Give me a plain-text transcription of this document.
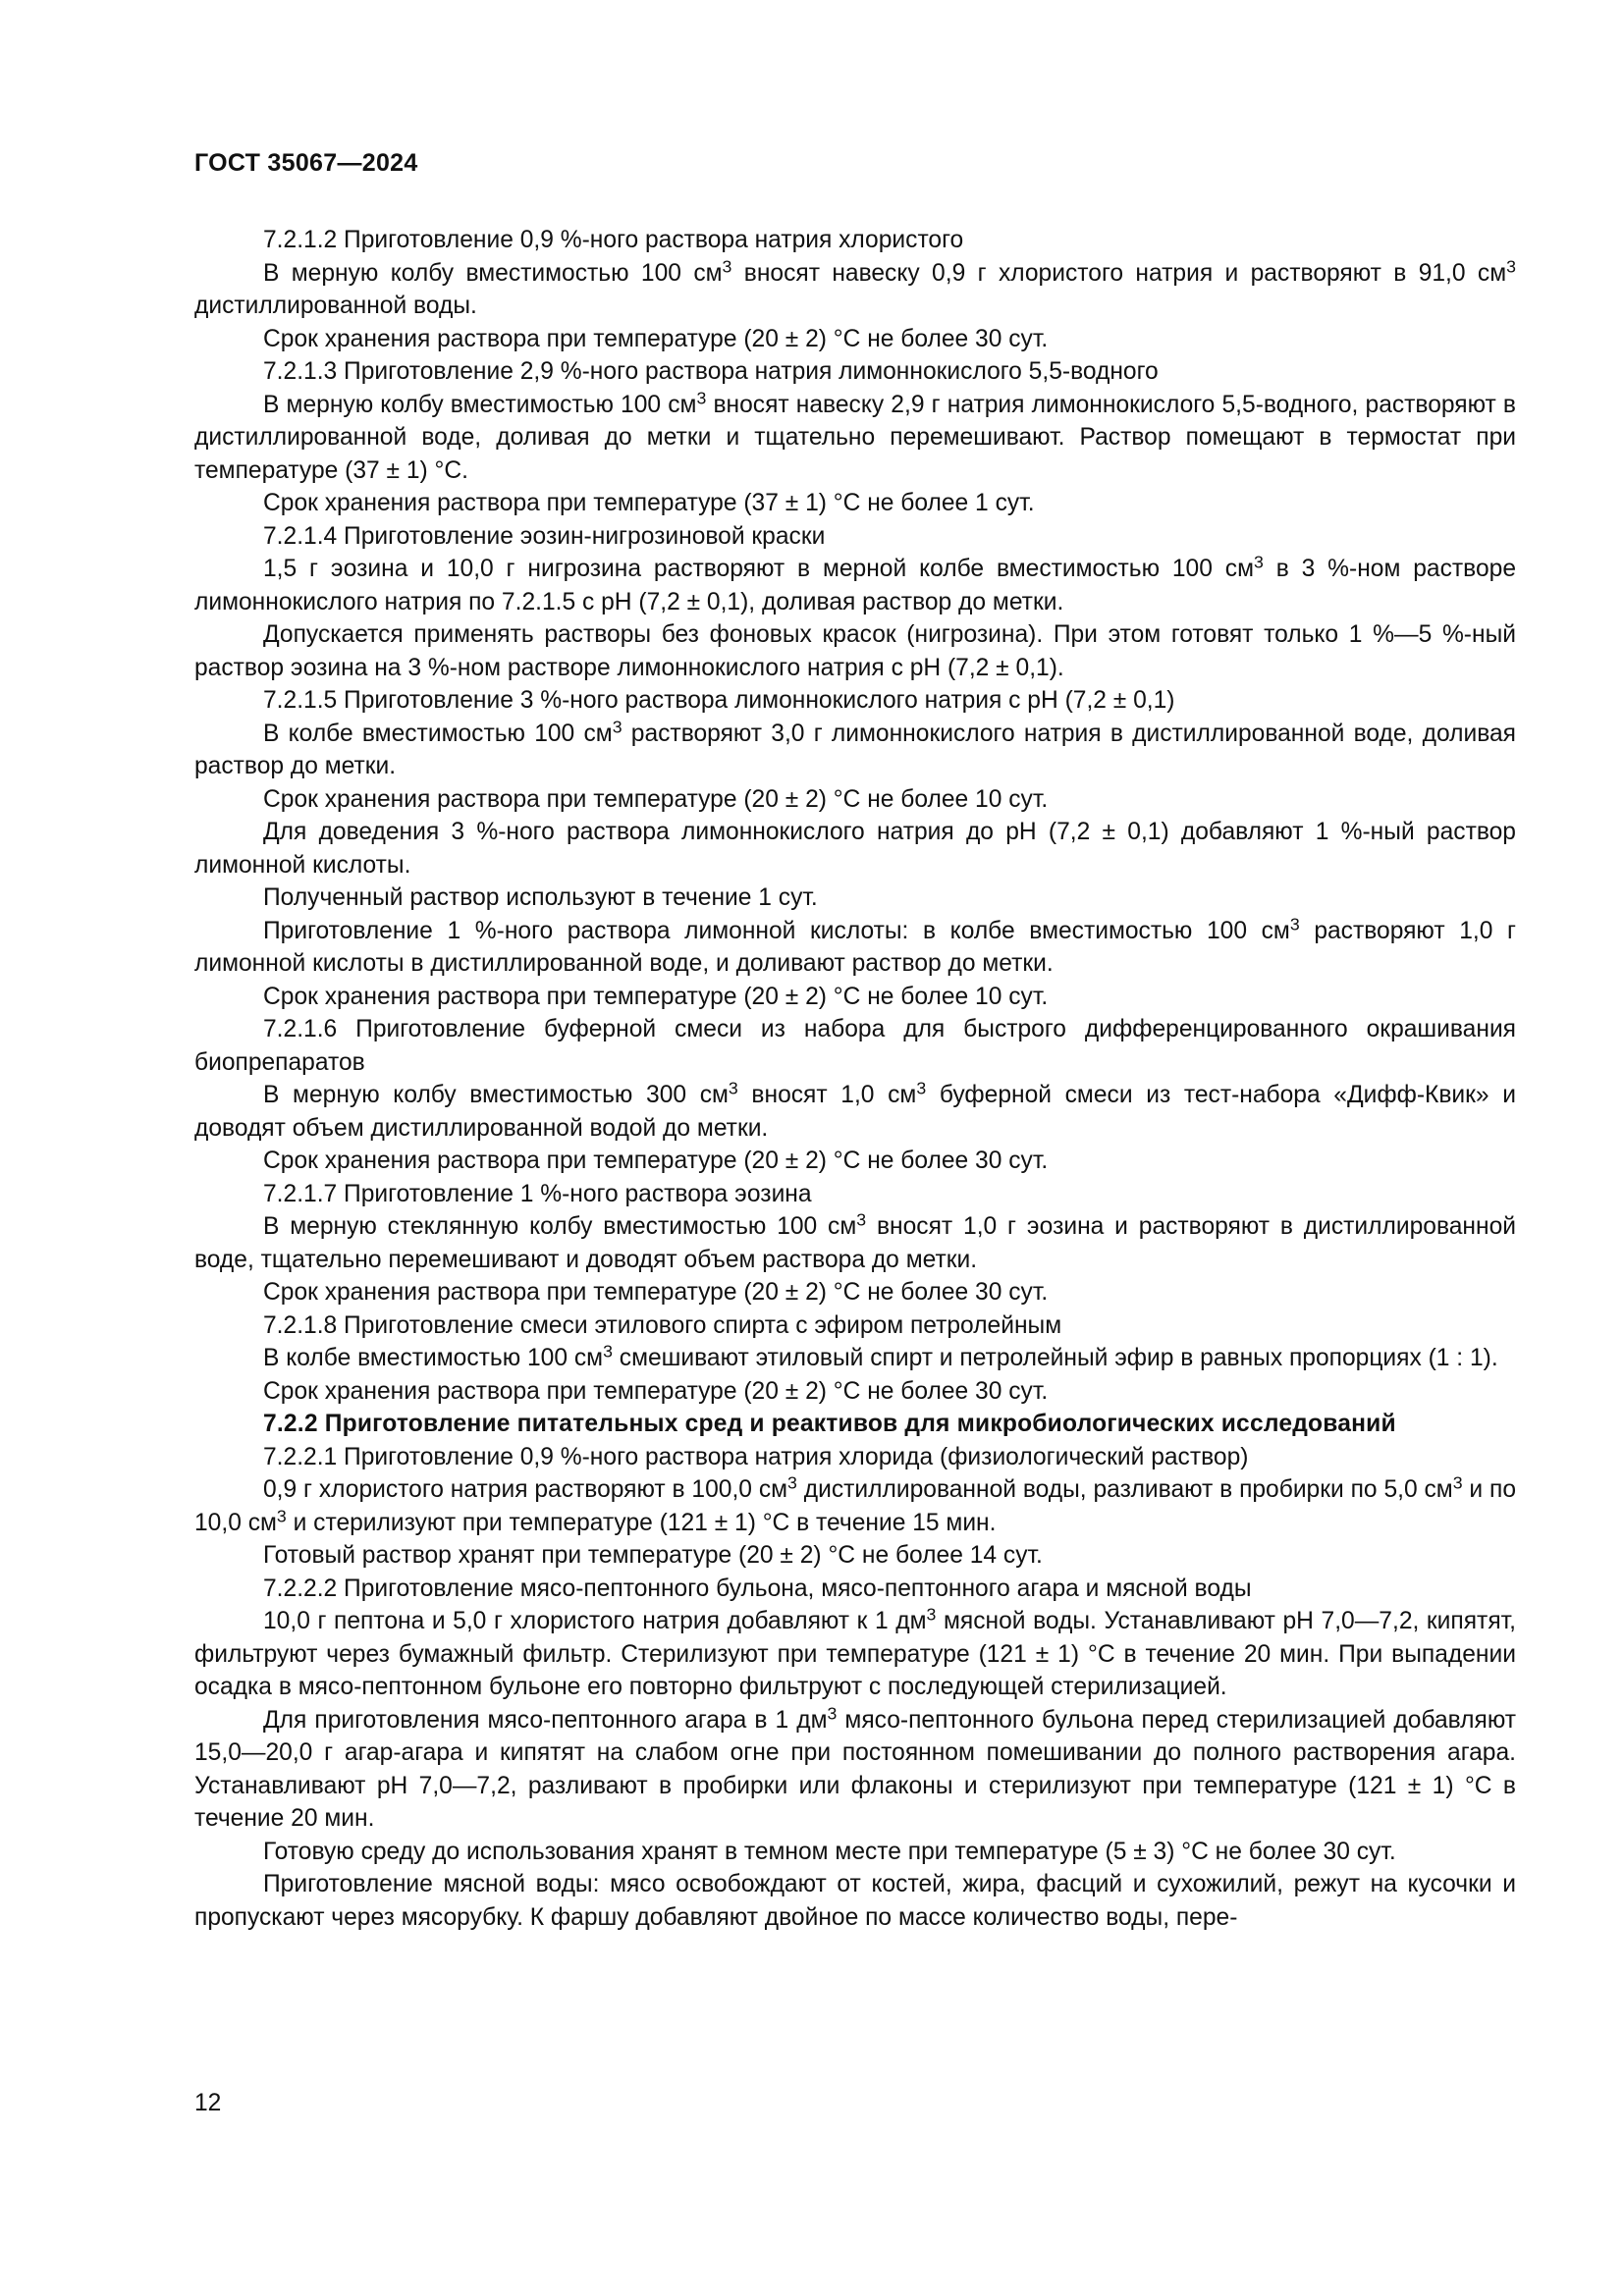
ГОСТ 35067—2024

7.2.1.2 Приготовление 0,9 %-ного раствора натрия хлористого

В мерную колбу вместимостью 100 $см^3$ вносят навеску 0,9 г хлористого натрия и растворяют в 91,0 $см^3$ дистиллированной воды.

Срок хранения раствора при температуре (20 ± 2) °С не более 30 сут.

7.2.1.3 Приготовление 2,9 %-ного раствора натрия лимоннокислого 5,5-водного

В мерную колбу вместимостью 100 $см^3$ вносят навеску 2,9 г натрия лимоннокислого 5,5-водного, растворяют в дистиллированной воде, доливая до метки и тщательно перемешивают. Раствор помещают в термостат при температуре (37 ± 1) °С.

Срок хранения раствора при температуре (37 ± 1) °С не более 1 сут.

7.2.1.4 Приготовление эозин-нигрозиновой краски

1,5 г эозина и 10,0 г нигрозина растворяют в мерной колбе вместимостью 100 $см^3$ в 3 %-ном растворе лимоннокислого натрия по 7.2.1.5 с рН (7,2 ± 0,1), доливая раствор до метки.

Допускается применять растворы без фоновых красок (нигрозина). При этом готовят только 1 %—5 %-ный раствор эозина на 3 %-ном растворе лимоннокислого натрия с рН (7,2 ± 0,1).

7.2.1.5 Приготовление 3 %-ного раствора лимоннокислого натрия с рН (7,2 ± 0,1)

В колбе вместимостью 100 $см^3$ растворяют 3,0 г лимоннокислого натрия в дистиллированной воде, доливая раствор до метки.

Срок хранения раствора при температуре (20 ± 2) °С не более 10 сут.

Для доведения 3 %-ного раствора лимоннокислого натрия до рН (7,2 ± 0,1) добавляют 1 %-ный раствор лимонной кислоты.

Полученный раствор используют в течение 1 сут.

Приготовление 1 %-ного раствора лимонной кислоты: в колбе вместимостью 100 $см^3$ растворяют 1,0 г лимонной кислоты в дистиллированной воде, и доливают раствор до метки.

Срок хранения раствора при температуре (20 ± 2) °С не более 10 сут.

7.2.1.6 Приготовление буферной смеси из набора для быстрого дифференцированного окрашивания биопрепаратов

В мерную колбу вместимостью 300 $см^3$ вносят 1,0 $см^3$ буферной смеси из тест-набора «Дифф-Квик» и доводят объем дистиллированной водой до метки.

Срок хранения раствора при температуре (20 ± 2) °С не более 30 сут.

7.2.1.7 Приготовление 1 %-ного раствора эозина

В мерную стеклянную колбу вместимостью 100 $см^3$ вносят 1,0 г эозина и растворяют в дистиллированной воде, тщательно перемешивают и доводят объем раствора до метки.

Срок хранения раствора при температуре (20 ± 2) °С не более 30 сут.

7.2.1.8 Приготовление смеси этилового спирта с эфиром петролейным

В колбе вместимостью 100 $см^3$ смешивают этиловый спирт и петролейный эфир в равных пропорциях (1 : 1).

Срок хранения раствора при температуре (20 ± 2) °С не более 30 сут.

7.2.2 Приготовление питательных сред и реактивов для микробиологических исследований

7.2.2.1 Приготовление 0,9 %-ного раствора натрия хлорида (физиологический раствор)

0,9 г хлористого натрия растворяют в 100,0 $см^3$ дистиллированной воды, разливают в пробирки по 5,0 $см^3$ и по 10,0 $см^3$ и стерилизуют при температуре (121 ± 1) °С в течение 15 мин.

Готовый раствор хранят при температуре (20 ± 2) °С не более 14 сут.

7.2.2.2 Приготовление мясо-пептонного бульона, мясо-пептонного агара и мясной воды

10,0 г пептона и 5,0 г хлористого натрия добавляют к 1 $дм^3$ мясной воды. Устанавливают рН 7,0—7,2, кипятят, фильтруют через бумажный фильтр. Стерилизуют при температуре (121 ± 1) °С в течение 20 мин. При выпадении осадка в мясо-пептонном бульоне его повторно фильтруют с последующей стерилизацией.

Для приготовления мясо-пептонного агара в 1 $дм^3$ мясо-пептонного бульона перед стерилизацией добавляют 15,0—20,0 г агар-агара и кипятят на слабом огне при постоянном помешивании до полного растворения агара. Устанавливают рН 7,0—7,2, разливают в пробирки или флаконы и стерилизуют при температуре (121 ± 1) °С в течение 20 мин.

Готовую среду до использования хранят в темном месте при температуре (5 ± 3) °С не более 30 сут.

Приготовление мясной воды: мясо освобождают от костей, жира, фасций и сухожилий, режут на кусочки и пропускают через мясорубку. К фаршу добавляют двойное по массе количество воды, пере-

12
